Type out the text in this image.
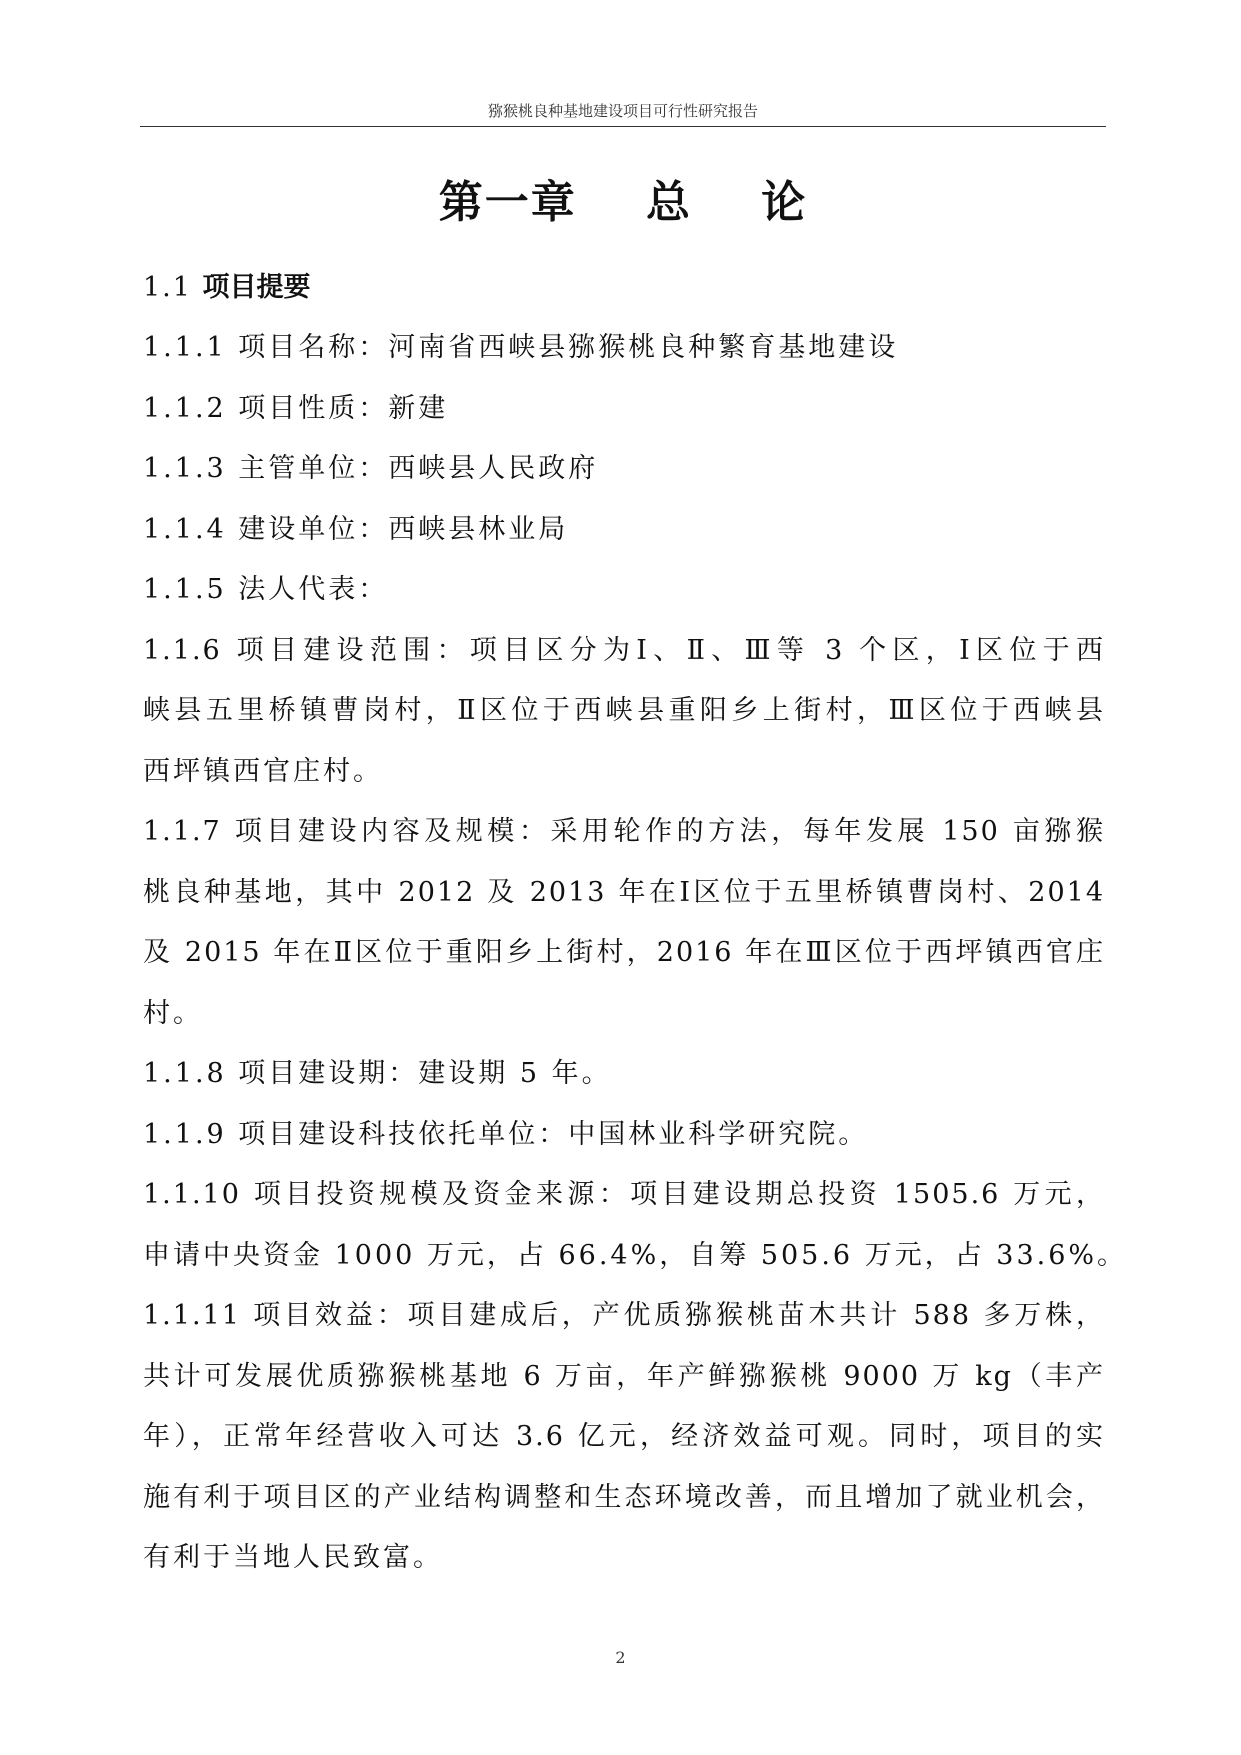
猕猴桃良种基地建设项目可行性研究报告
第一章    总    论
1.1 项目提要
1.1.1 项目名称：河南省西峡县猕猴桃良种繁育基地建设
1.1.2 项目性质：新建
1.1.3 主管单位：西峡县人民政府
1.1.4 建设单位：西峡县林业局
1.1.5 法人代表：
1.1.6 项目建设范围：项目区分为Ⅰ、Ⅱ、Ⅲ等 3 个区，Ⅰ区位于西
峡县五里桥镇曹岗村，Ⅱ区位于西峡县重阳乡上街村，Ⅲ区位于西峡县
西坪镇西官庄村。
1.1.7 项目建设内容及规模：采用轮作的方法，每年发展 150 亩猕猴
桃良种基地，其中 2012 及 2013 年在Ⅰ区位于五里桥镇曹岗村、2014
及 2015 年在Ⅱ区位于重阳乡上街村，2016 年在Ⅲ区位于西坪镇西官庄
村。
1.1.8 项目建设期：建设期 5 年。
1.1.9 项目建设科技依托单位：中国林业科学研究院。
1.1.10 项目投资规模及资金来源：项目建设期总投资 1505.6 万元，
申请中央资金 1000 万元，占 66.4%，自筹 505.6 万元，占 33.6%。
1.1.11 项目效益：项目建成后，产优质猕猴桃苗木共计 588 多万株，
共计可发展优质猕猴桃基地 6 万亩，年产鲜猕猴桃 9000 万 kg（丰产
年），正常年经营收入可达 3.6 亿元，经济效益可观。同时，项目的实
施有利于项目区的产业结构调整和生态环境改善，而且增加了就业机会，
有利于当地人民致富。
2
